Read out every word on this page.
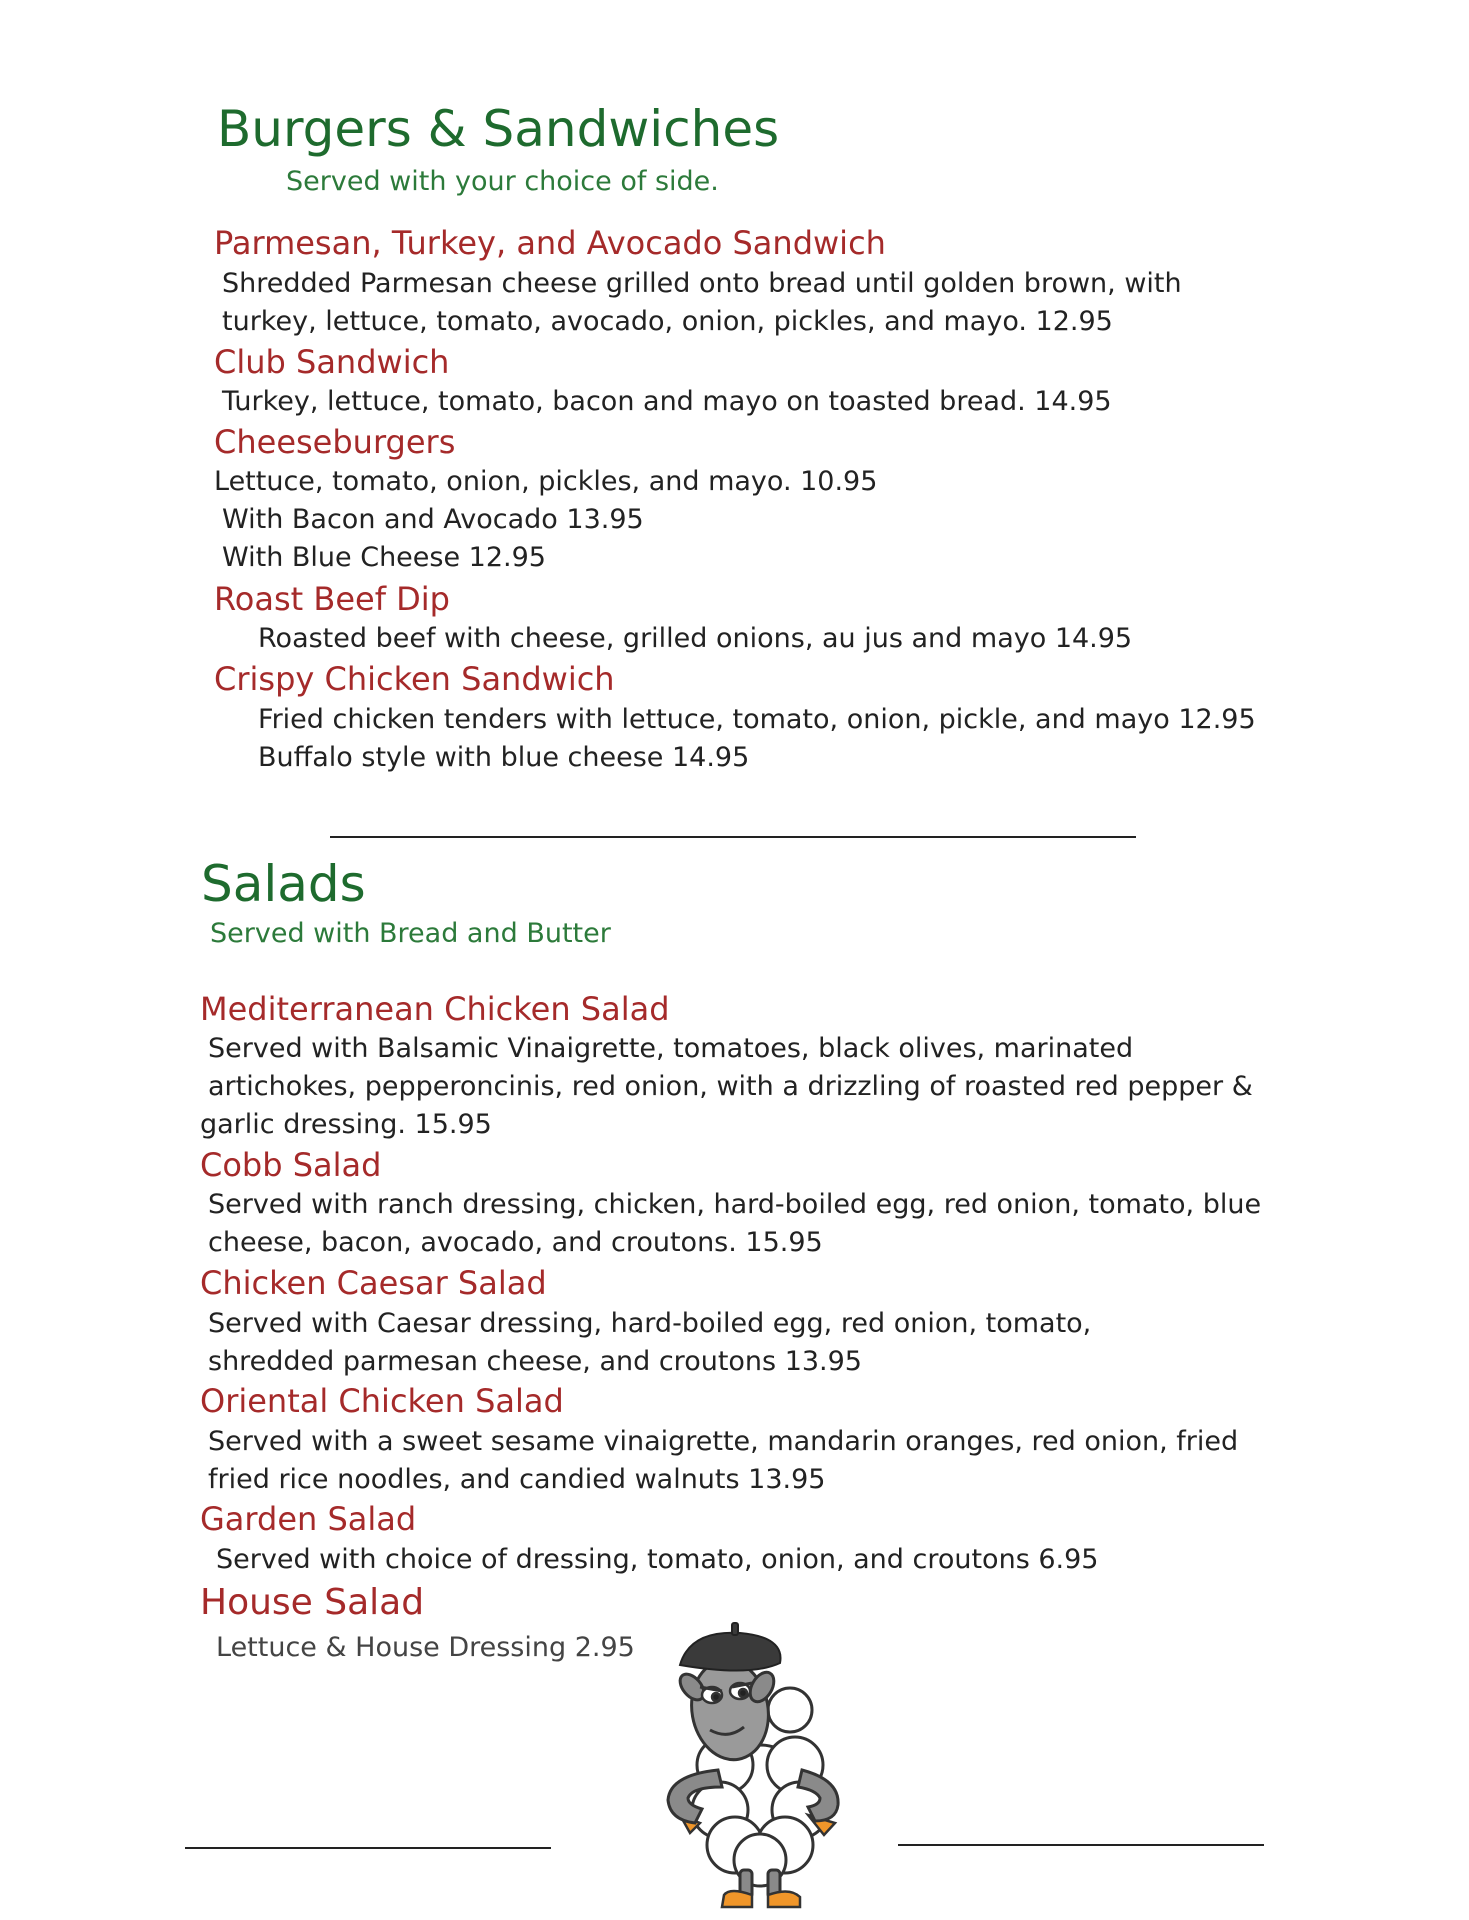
Burgers & Sandwiches
Served with your choice of side.
Parmesan, Turkey, and Avocado Sandwich
Shredded Parmesan cheese grilled onto bread until golden brown, with
turkey, lettuce, tomato, avocado, onion, pickles, and mayo. 12.95
Club Sandwich
Turkey, lettuce, tomato, bacon and mayo on toasted bread. 14.95
Cheeseburgers
Lettuce, tomato, onion, pickles, and mayo. 10.95
With Bacon and Avocado 13.95
With Blue Cheese 12.95
Roast Beef Dip
Roasted beef with cheese, grilled onions, au jus and mayo 14.95
Crispy Chicken Sandwich
Fried chicken tenders with lettuce, tomato, onion, pickle, and mayo 12.95
Buffalo style with blue cheese 14.95
Salads
Served with Bread and Butter
Mediterranean Chicken Salad
Served with Balsamic Vinaigrette, tomatoes, black olives, marinated
artichokes, pepperoncinis, red onion, with a drizzling of roasted red pepper &
garlic dressing. 15.95
Cobb Salad
Served with ranch dressing, chicken, hard-boiled egg, red onion, tomato, blue
cheese, bacon, avocado, and croutons. 15.95
Chicken Caesar Salad
Served with Caesar dressing, hard-boiled egg, red onion, tomato,
shredded parmesan cheese, and croutons 13.95
Oriental Chicken Salad
Served with a sweet sesame vinaigrette, mandarin oranges, red onion, fried
fried rice noodles, and candied walnuts 13.95
Garden Salad
Served with choice of dressing, tomato, onion, and croutons 6.95
House Salad
Lettuce & House Dressing 2.95
